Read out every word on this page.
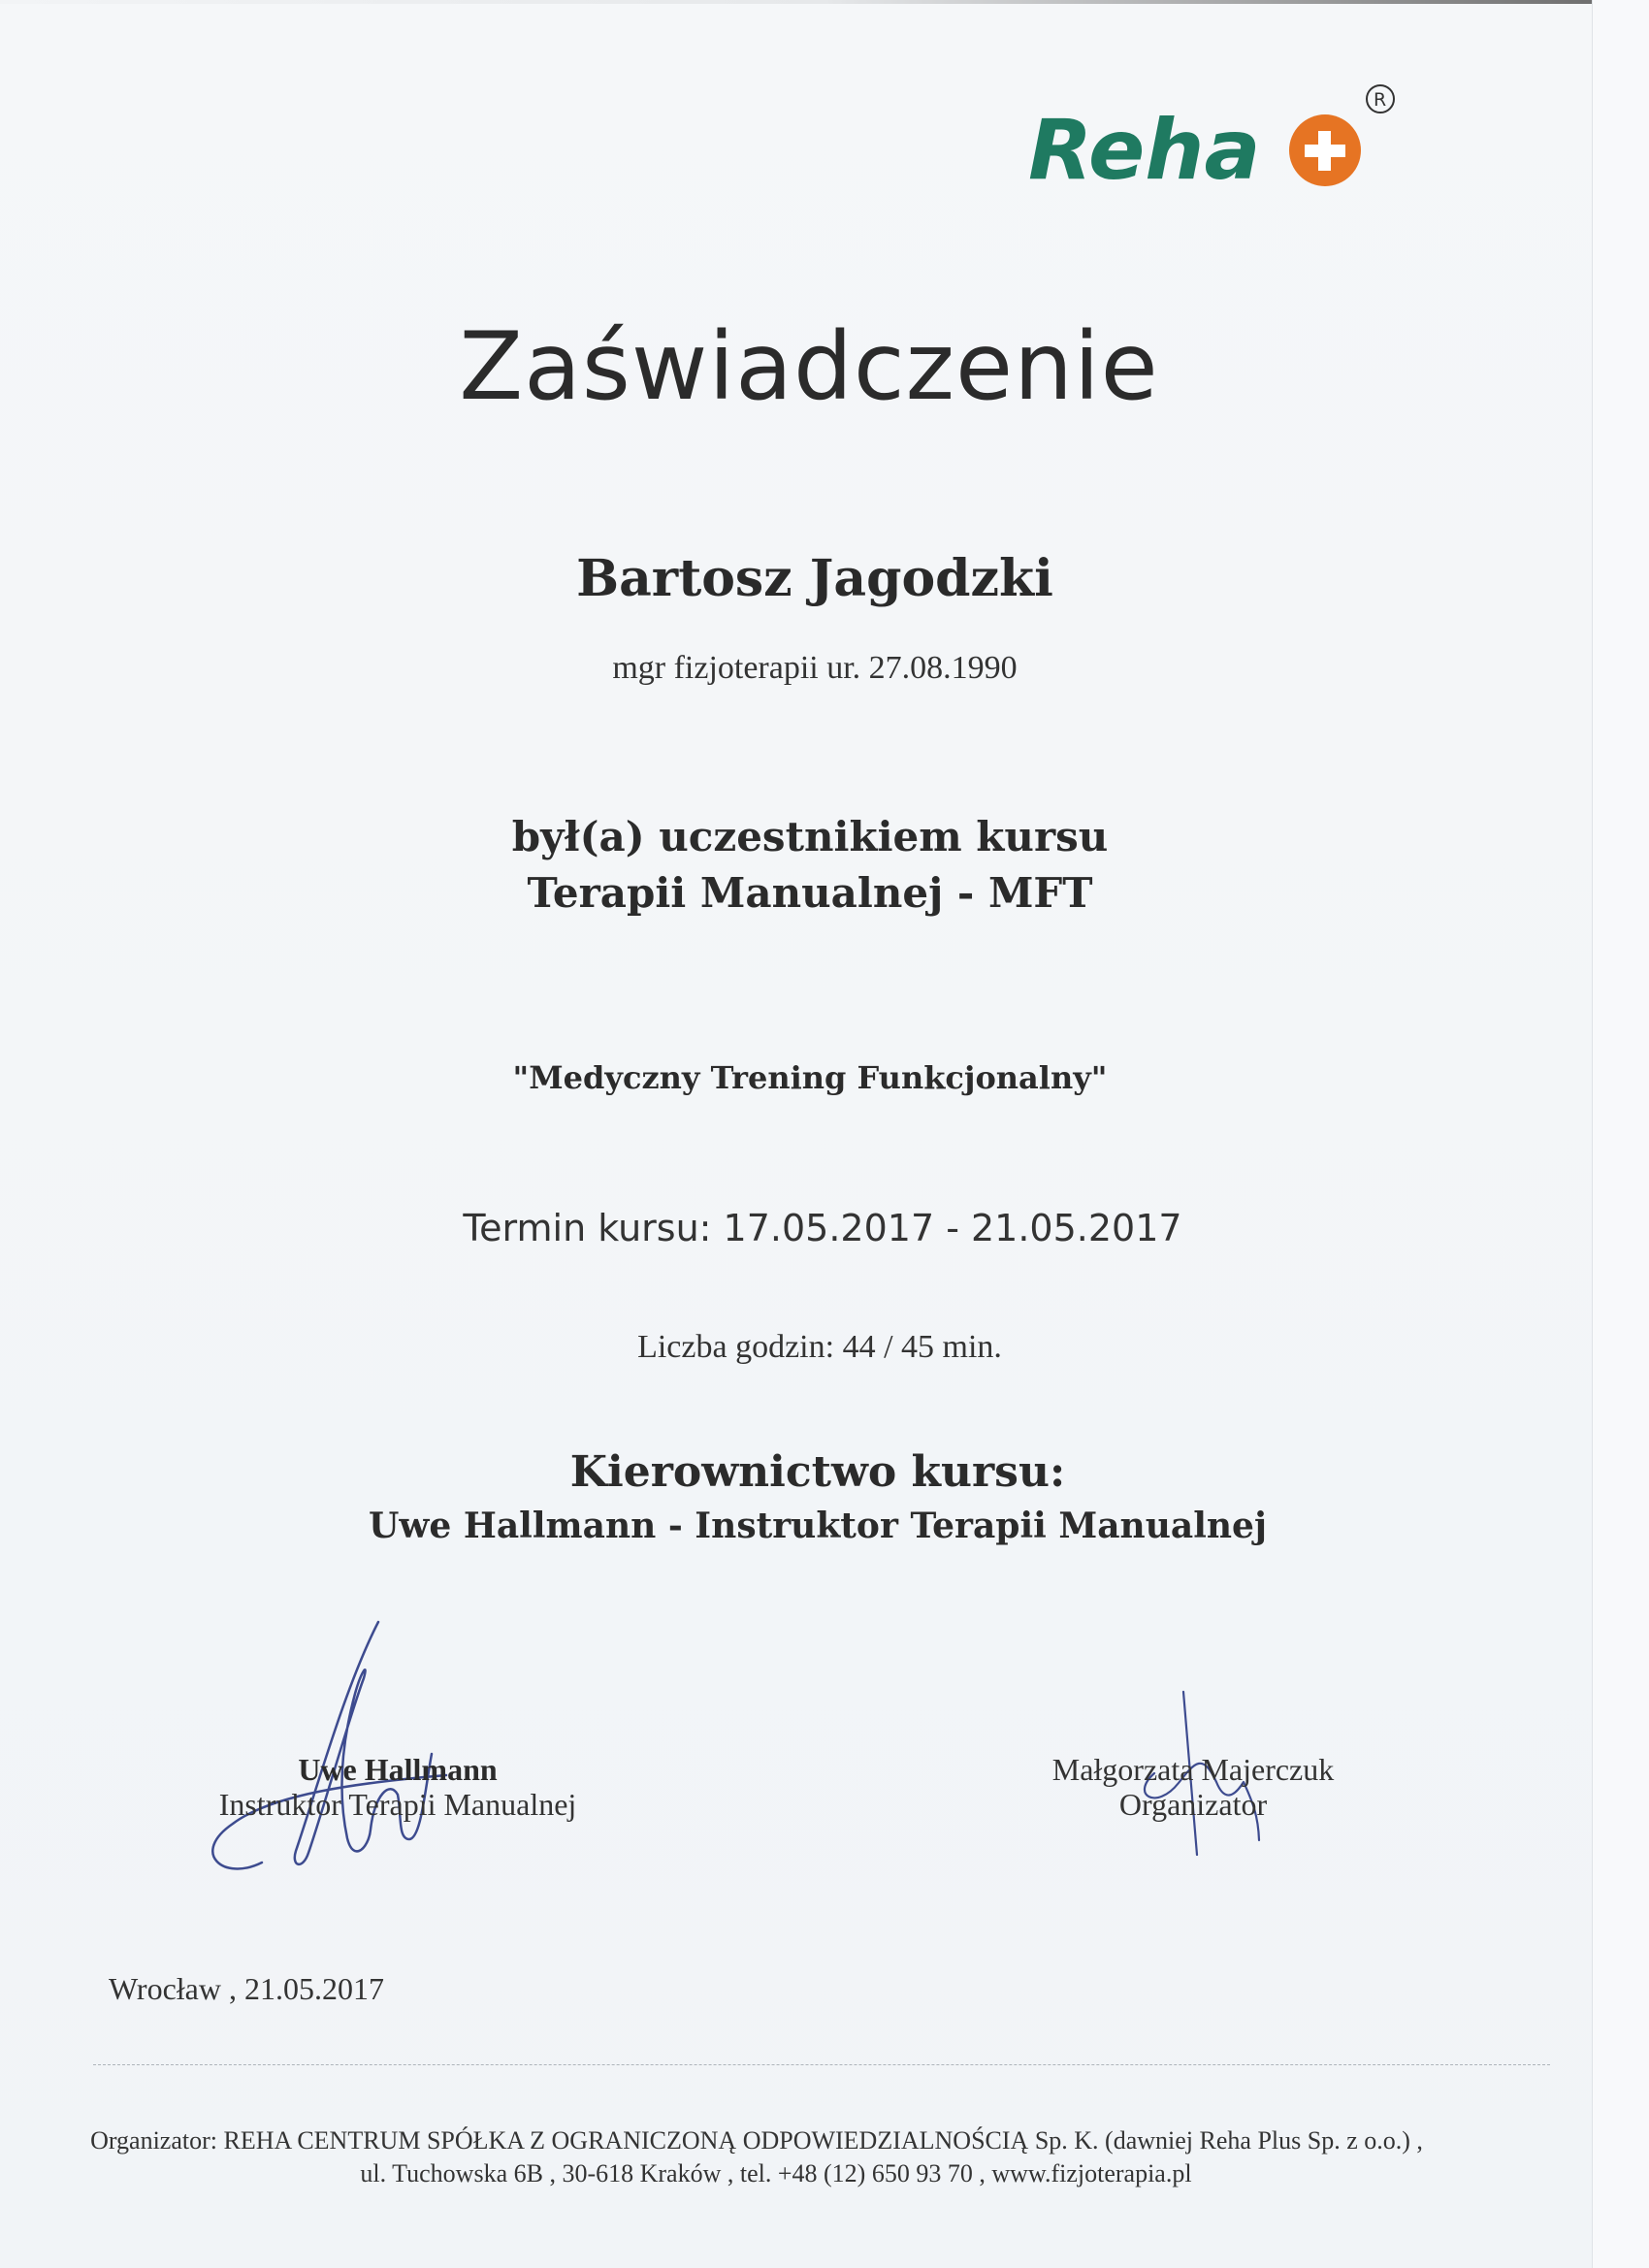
Reha
R
Zaświadczenie
Bartosz Jagodzki
mgr fizjoterapii ur. 27.08.1990
był(a) uczestnikiem kursu
Terapii Manualnej - MFT
"Medyczny Trening Funkcjonalny"
Termin kursu: 17.05.2017 - 21.05.2017
Liczba godzin: 44 / 45 min.
Kierownictwo kursu:
Uwe Hallmann - Instruktor Terapii Manualnej
Uwe Hallmann
Instruktor Terapii Manualnej
Małgorzata Majerczuk
Organizator
Wrocław , 21.05.2017
Organizator: REHA CENTRUM SPÓŁKA Z OGRANICZONĄ ODPOWIEDZIALNOŚCIĄ Sp. K. (dawniej Reha Plus Sp. z o.o.) ,
ul. Tuchowska 6B , 30-618 Kraków , tel. +48 (12) 650 93 70 , www.fizjoterapia.pl
